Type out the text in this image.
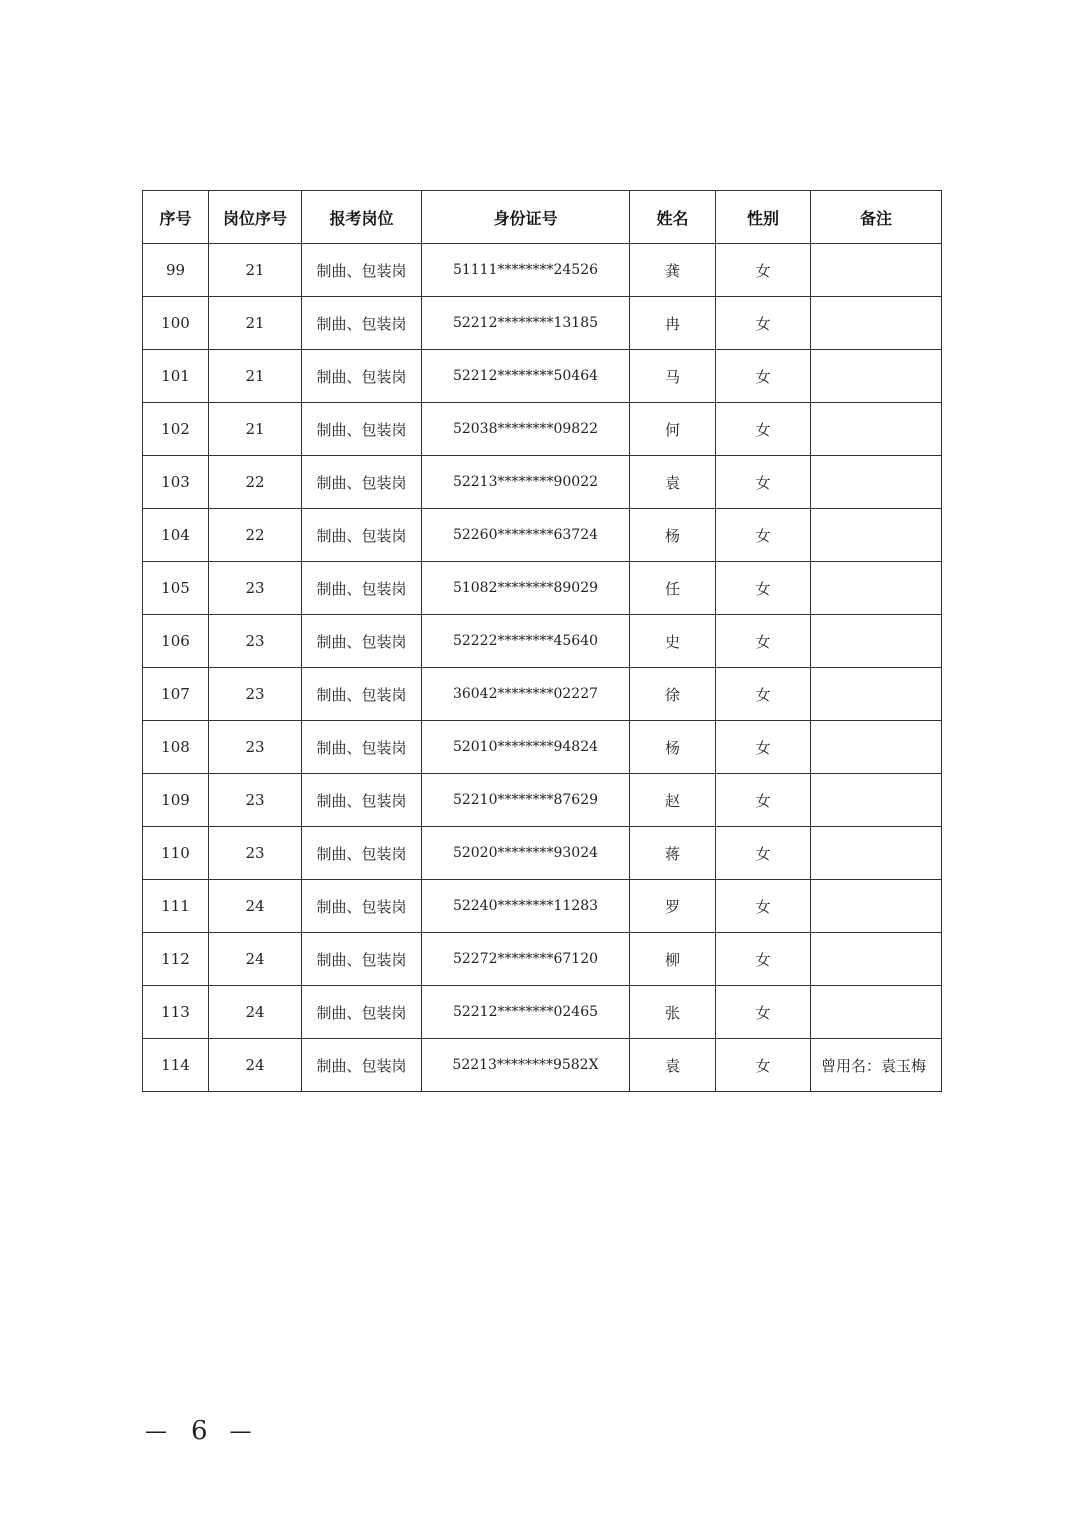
序号	岗位序号	报考岗位	身份证号	姓名	性别	备注
99	21	制曲、包装岗	51111********24526	龚	女	
100	21	制曲、包装岗	52212********13185	冉	女	
101	21	制曲、包装岗	52212********50464	马	女	
102	21	制曲、包装岗	52038********09822	何	女	
103	22	制曲、包装岗	52213********90022	袁	女	
104	22	制曲、包装岗	52260********63724	杨	女	
105	23	制曲、包装岗	51082********89029	任	女	
106	23	制曲、包装岗	52222********45640	史	女	
107	23	制曲、包装岗	36042********02227	徐	女	
108	23	制曲、包装岗	52010********94824	杨	女	
109	23	制曲、包装岗	52210********87629	赵	女	
110	23	制曲、包装岗	52020********93024	蒋	女	
111	24	制曲、包装岗	52240********11283	罗	女	
112	24	制曲、包装岗	52272********67120	柳	女	
113	24	制曲、包装岗	52212********02465	张	女	
114	24	制曲、包装岗	52213********9582X	袁	女	曾用名：袁玉梅
— 6 —
